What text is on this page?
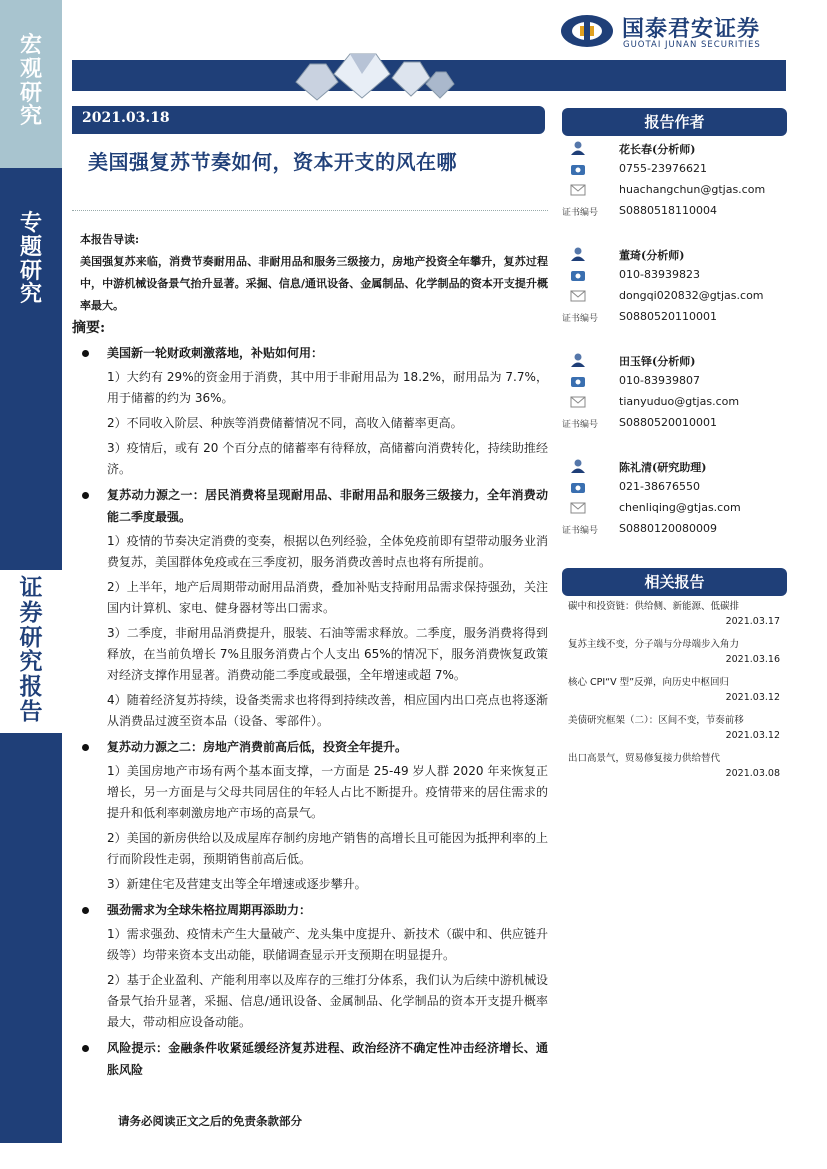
宏
观
研
究
专
题
研
究
证
券
研
究
报
告
国泰君安证券
GUOTAI JUNAN SECURITIES
2021.03.18
美国强复苏节奏如何，资本开支的风在哪
本报告导读:
美国强复苏来临，消费节奏耐用品、非耐用品和服务三级接力，房地产投资全年攀升，复苏过程中，中游机械设备景气抬升显著。采掘、信息/通讯设备、金属制品、化学制品的资本开支提升概率最大。
摘要:
美国新一轮财政刺激落地，补贴如何用：

1）大约有 29%的资金用于消费，其中用于非耐用品为 18.2%，耐用品为 7.7%，用于储蓄的约为 36%。

2）不同收入阶层、种族等消费储蓄情况不同，高收入储蓄率更高。

3）疫情后，或有 20 个百分点的储蓄率有待释放，高储蓄向消费转化，持续助推经济。

复苏动力源之一：居民消费将呈现耐用品、非耐用品和服务三级接力，全年消费动能二季度最强。

1）疫情的节奏决定消费的变奏，根据以色列经验，全体免疫前即有望带动服务业消费复苏，美国群体免疫或在三季度初，服务消费改善时点也将有所提前。

2）上半年，地产后周期带动耐用品消费，叠加补贴支持耐用品需求保持强劲，关注国内计算机、家电、健身器材等出口需求。

3）二季度，非耐用品消费提升，服装、石油等需求释放。二季度，服务消费将得到释放，在当前负增长 7%且服务消费占个人支出 65%的情况下，服务消费恢复政策对经济支撑作用显著。消费动能二季度或最强，全年增速或超 7%。

4）随着经济复苏持续，设备类需求也将得到持续改善，相应国内出口亮点也将逐渐从消费品过渡至资本品（设备、零部件）。

复苏动力源之二：房地产消费前高后低，投资全年提升。

1）美国房地产市场有两个基本面支撑，一方面是 25-49 岁人群 2020 年来恢复正增长，另一方面是与父母共同居住的年轻人占比不断提升。疫情带来的居住需求的提升和低利率刺激房地产市场的高景气。

2）美国的新房供给以及成屋库存制约房地产销售的高增长且可能因为抵押利率的上行而阶段性走弱，预期销售前高后低。

3）新建住宅及营建支出等全年增速或逐步攀升。

强劲需求为全球朱格拉周期再添助力：

1）需求强劲、疫情未产生大量破产、龙头集中度提升、新技术（碳中和、供应链升级等）均带来资本支出动能，联储调查显示开支预期在明显提升。

2）基于企业盈利、产能利用率以及库存的三维打分体系，我们认为后续中游机械设备景气抬升显著，采掘、信息/通讯设备、金属制品、化学制品的资本开支提升概率最大，带动相应设备动能。

风险提示：金融条件收紧延缓经济复苏进程、政治经济不确定性冲击经济增长、通胀风险
请务必阅读正文之后的免责条款部分
报告作者
花长春(分析师)
0755-23976621
huachangchun@gtjas.com
证书编号 S0880518110004
董琦(分析师)
010-83939823
dongqi020832@gtjas.com
证书编号 S0880520110001
田玉铎(分析师)
010-83939807
tianyuduo@gtjas.com
证书编号 S0880520010001
陈礼清(研究助理)
021-38676550
chenliqing@gtjas.com
证书编号 S0880120080009
相关报告
碳中和投资链：供给侧、新能源、低碳排
2021.03.17
复苏主线不变，分子端与分母端步入角力
2021.03.16
核心 CPI“V 型”反弹，向历史中枢回归
2021.03.12
美债研究框架（二）：区间不变，节奏前移
2021.03.12
出口高景气，贸易修复接力供给替代
2021.03.08
